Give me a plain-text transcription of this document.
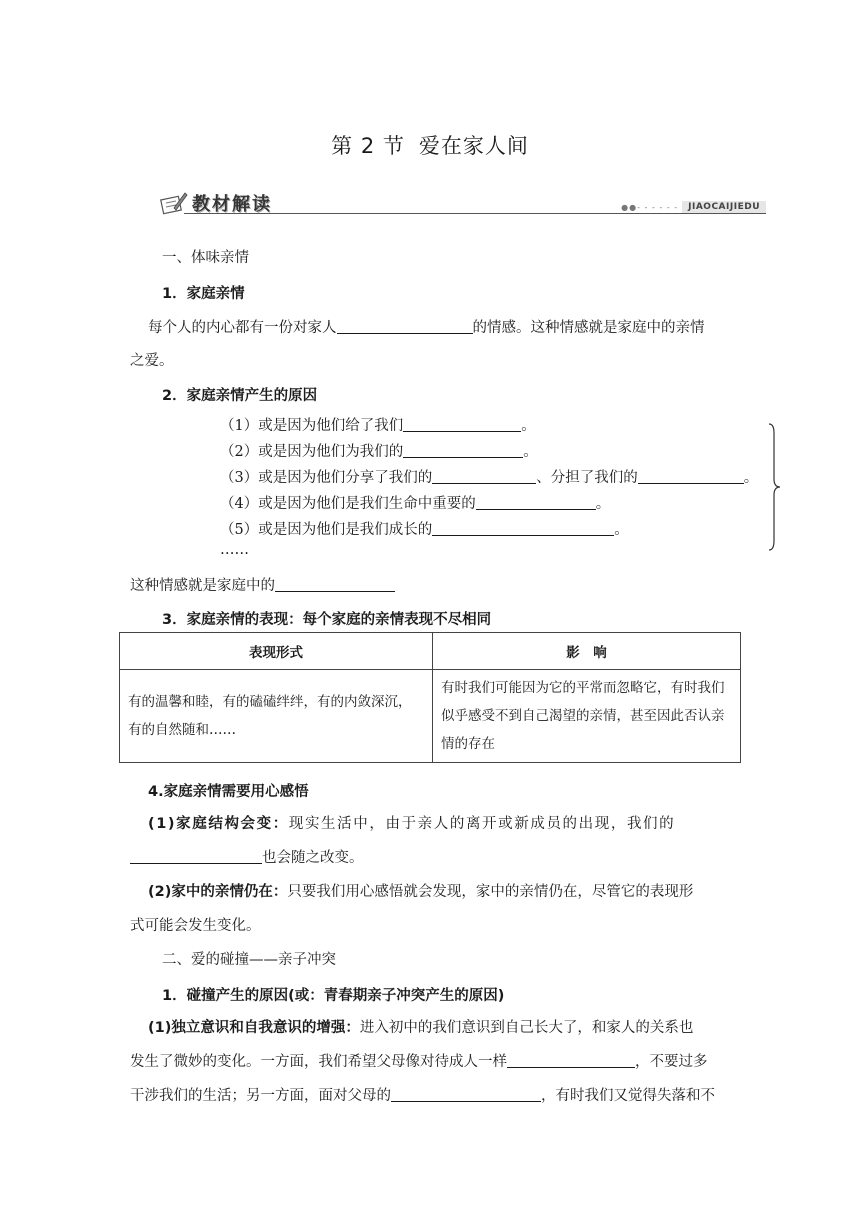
第 2 节 爱在家人间
教材解读	●●- - - - - -	JIAOCAIJIEDU
一、体味亲情
1．家庭亲情
每个人的内心都有一份对家人	的情感。这种情感就是家庭中的亲情
之爱。
2．家庭亲情产生的原因
（1）或是因为他们给了我们	。
（2）或是因为他们为我们的	。
（3）或是因为他们分享了我们的	、分担了我们的	。
（4）或是因为他们是我们生命中重要的	。
（5）或是因为他们是我们成长的	。
……
这种情感就是家庭中的
3．家庭亲情的表现：每个家庭的亲情表现不尽相同
表现形式	影　响
有的温馨和睦，有的磕磕绊绊，有的内敛深沉，有的自然随和……	有时我们可能因为它的平常而忽略它，有时我们似乎感受不到自己渴望的亲情，甚至因此否认亲情的存在
4.家庭亲情需要用心感悟
(1)家庭结构会变：现实生活中，由于亲人的离开或新成员的出现，我们的
也会随之改变。
(2)家中的亲情仍在：只要我们用心感悟就会发现，家中的亲情仍在，尽管它的表现形
式可能会发生变化。
二、爱的碰撞——亲子冲突
1．碰撞产生的原因(或：青春期亲子冲突产生的原因)
(1)独立意识和自我意识的增强：进入初中的我们意识到自己长大了，和家人的关系也
发生了微妙的变化。一方面，我们希望父母像对待成人一样	，不要过多
干涉我们的生活；另一方面，面对父母的	，有时我们又觉得失落和不
